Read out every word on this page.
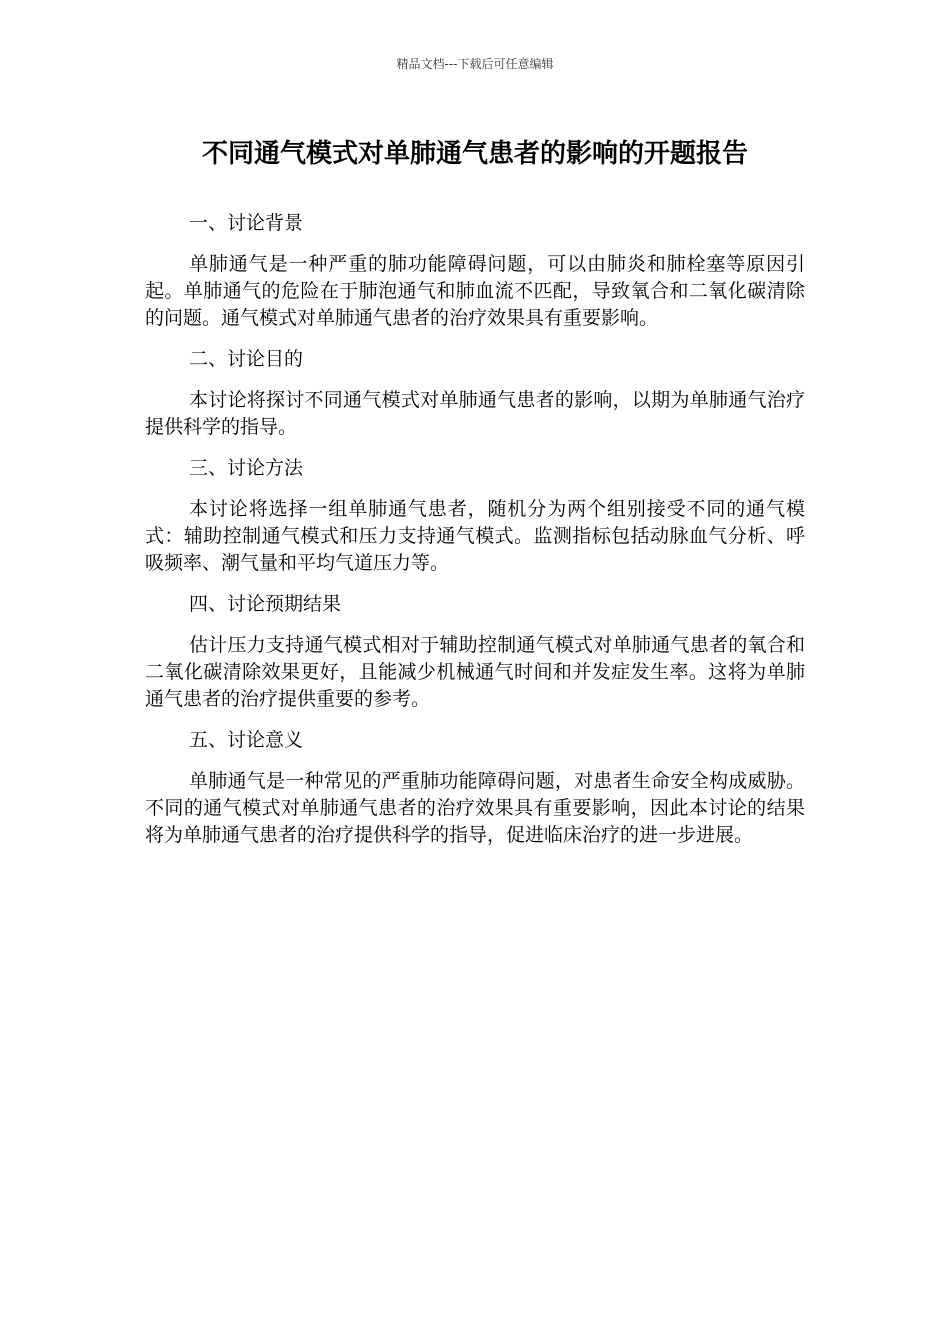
精品文档---下载后可任意编辑
不同通气模式对单肺通气患者的影响的开题报告

一、讨论背景

单肺通气是一种严重的肺功能障碍问题，可以由肺炎和肺栓塞等原因引起。单肺通气的危险在于肺泡通气和肺血流不匹配，导致氧合和二氧化碳清除的问题。通气模式对单肺通气患者的治疗效果具有重要影响。

二、讨论目的

本讨论将探讨不同通气模式对单肺通气患者的影响，以期为单肺通气治疗提供科学的指导。

三、讨论方法

本讨论将选择一组单肺通气患者，随机分为两个组别接受不同的通气模式：辅助控制通气模式和压力支持通气模式。监测指标包括动脉血气分析、呼吸频率、潮气量和平均气道压力等。

四、讨论预期结果

估计压力支持通气模式相对于辅助控制通气模式对单肺通气患者的氧合和二氧化碳清除效果更好，且能减少机械通气时间和并发症发生率。这将为单肺通气患者的治疗提供重要的参考。

五、讨论意义

单肺通气是一种常见的严重肺功能障碍问题，对患者生命安全构成威胁。不同的通气模式对单肺通气患者的治疗效果具有重要影响，因此本讨论的结果将为单肺通气患者的治疗提供科学的指导，促进临床治疗的进一步进展。
